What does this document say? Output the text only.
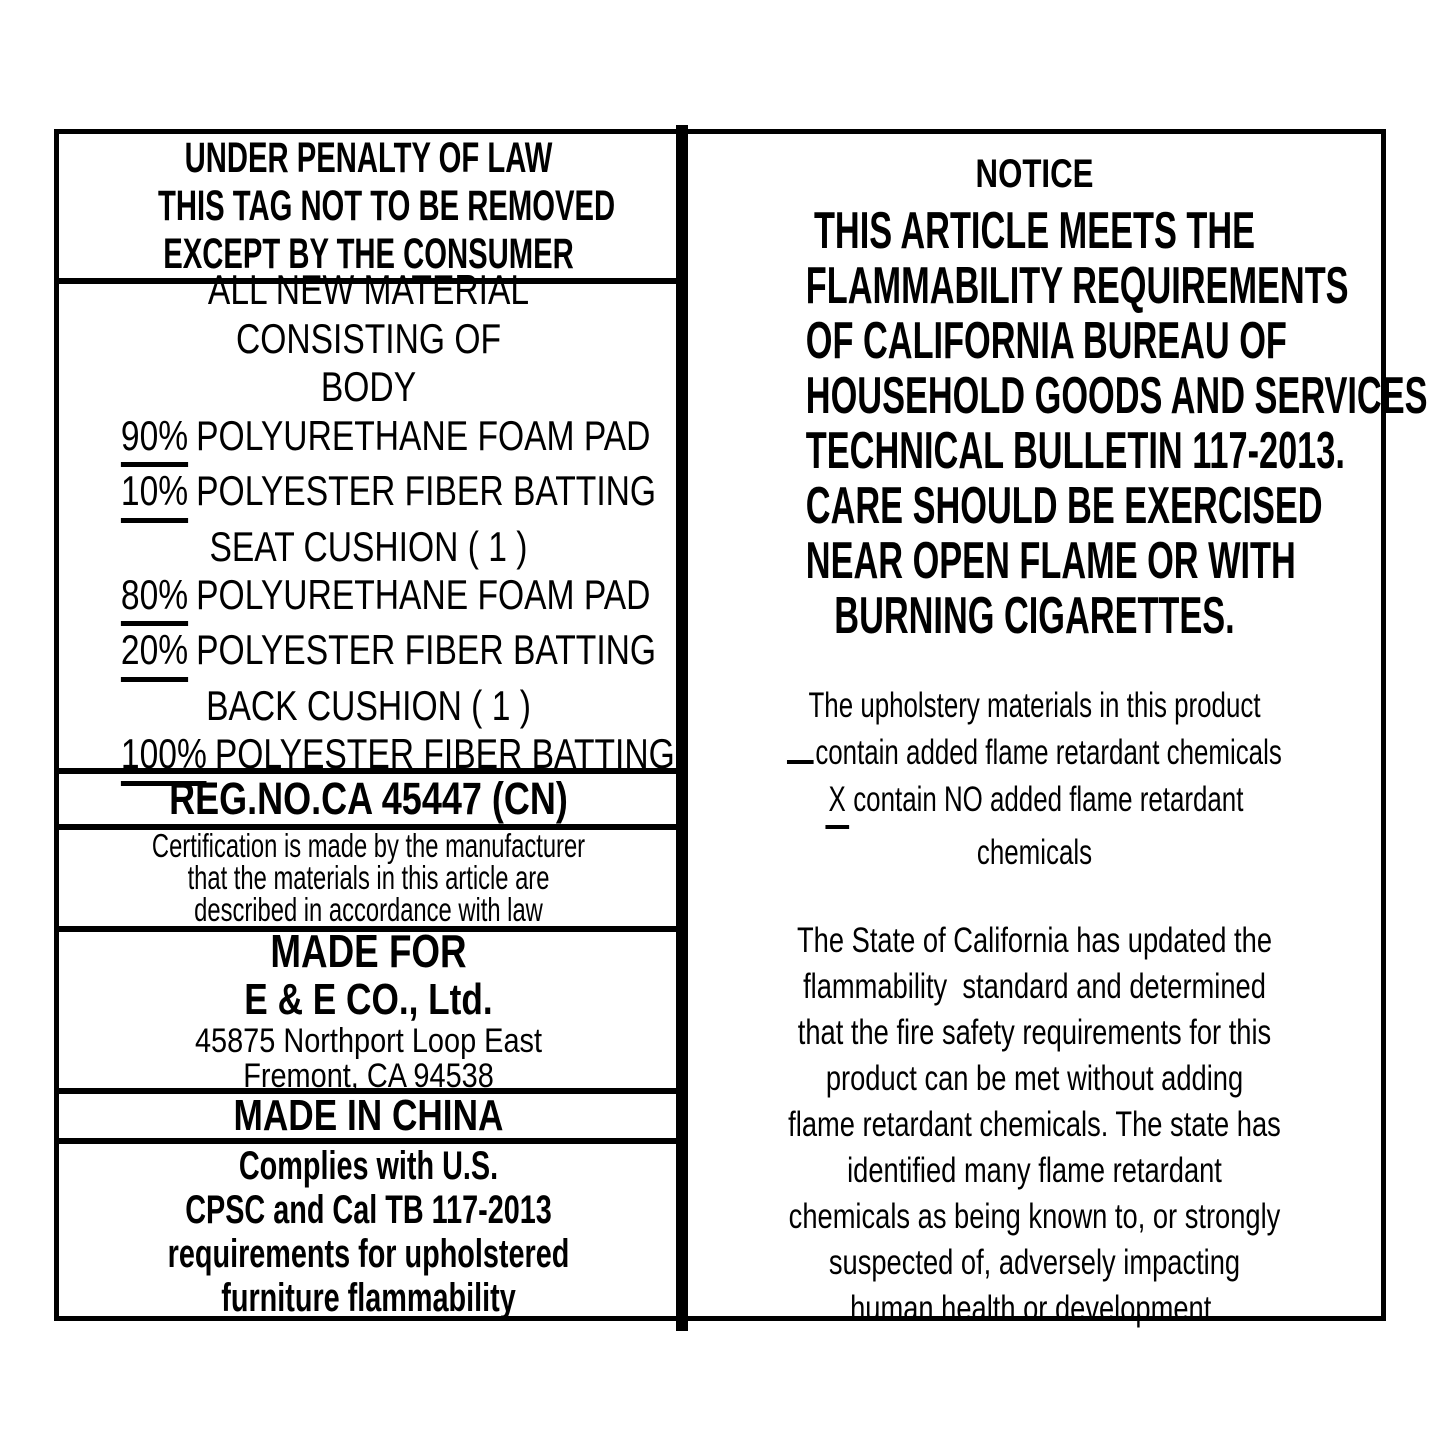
UNDER PENALTY OF LAW
THIS TAG NOT TO BE REMOVED
EXCEPT BY THE CONSUMER
ALL NEW MATERIAL
CONSISTING OF
BODY
90% POLYURETHANE FOAM PAD
10% POLYESTER FIBER BATTING
SEAT CUSHION ( 1 )
80% POLYURETHANE FOAM PAD
20% POLYESTER FIBER BATTING
BACK CUSHION ( 1 )
100% POLYESTER FIBER BATTING
REG.NO.CA 45447 (CN)
Certification is made by the manufacturer
that the materials in this article are
described in accordance with law
MADE FOR
E & E CO., Ltd.
45875 Northport Loop East
Fremont, CA 94538
MADE IN CHINA
Complies with U.S.
CPSC and Cal TB 117-2013
requirements for upholstered
furniture flammability
NOTICE
THIS ARTICLE MEETS THE
FLAMMABILITY REQUIREMENTS
OF CALIFORNIA BUREAU OF
HOUSEHOLD GOODS AND SERVICES
TECHNICAL BULLETIN 117-2013.
CARE SHOULD BE EXERCISED
NEAR OPEN FLAME OR WITH
BURNING CIGARETTES.
The upholstery materials in this product
contain added flame retardant chemicals
X contain NO added flame retardant
chemicals
The State of California has updated the
flammability  standard and determined
that the fire safety requirements for this
product can be met without adding
flame retardant chemicals. The state has
identified many flame retardant
chemicals as being known to, or strongly
suspected of, adversely impacting
human health or development.
